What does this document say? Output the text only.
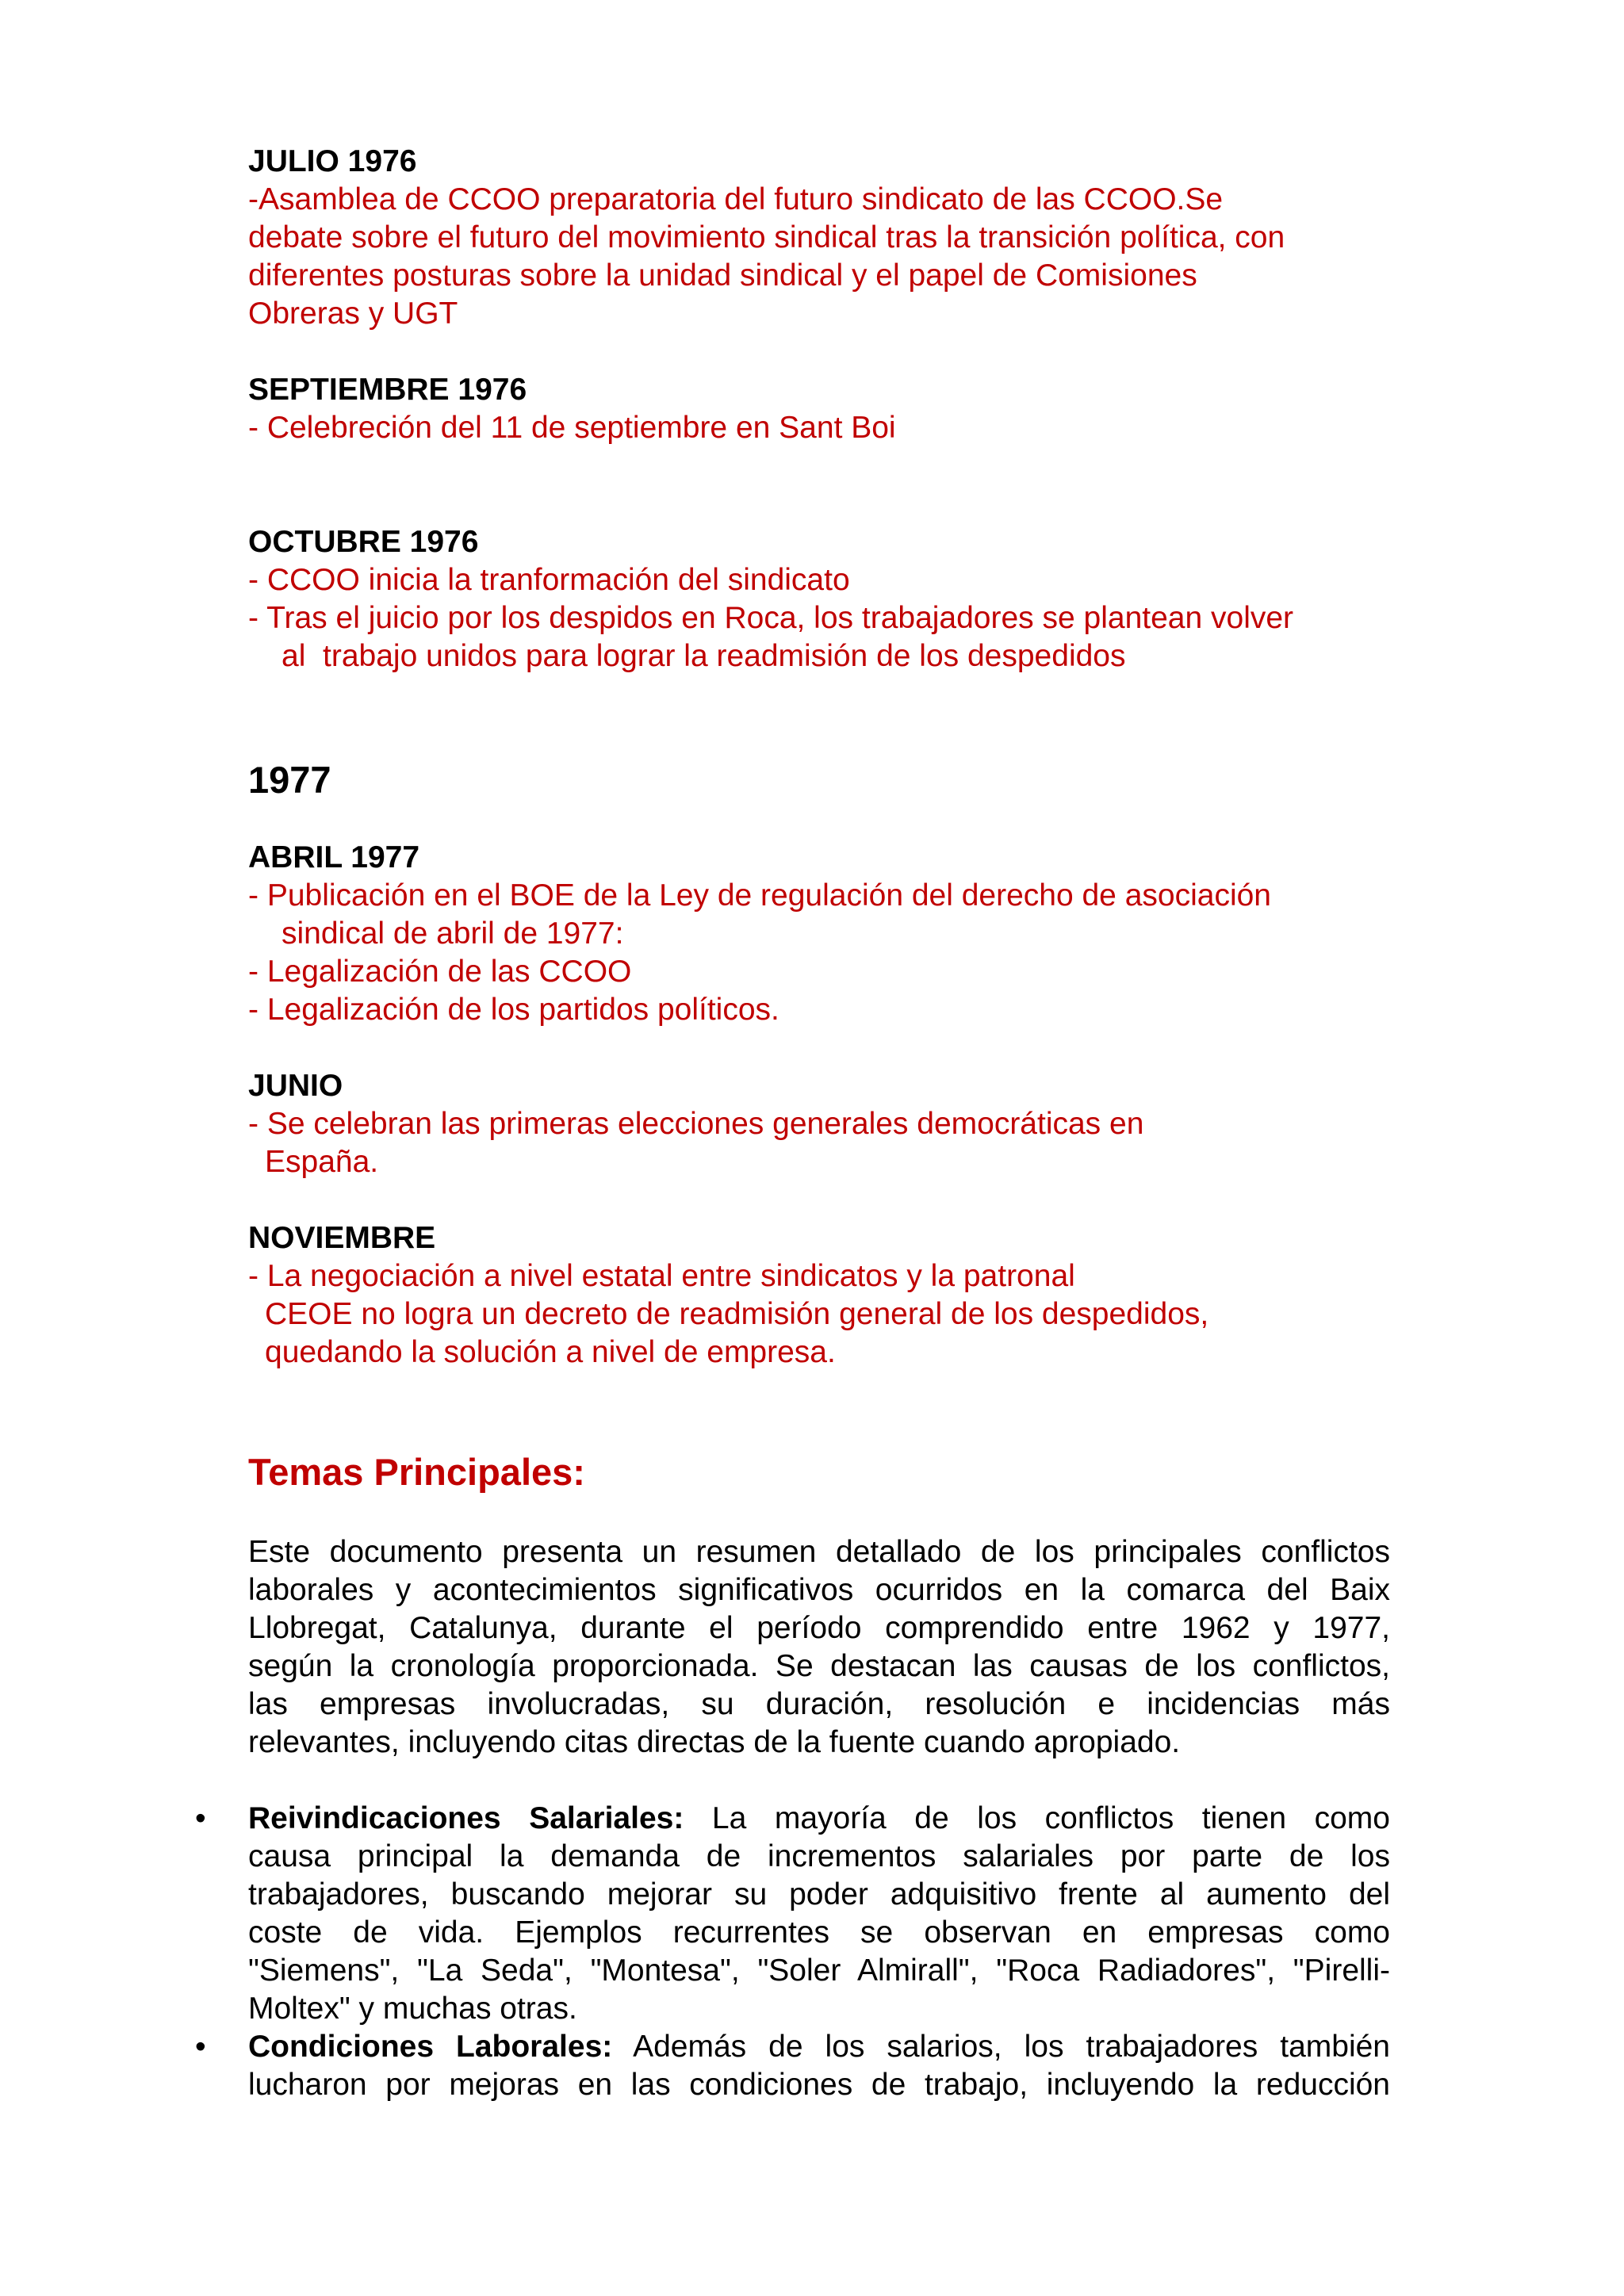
JULIO 1976

-Asamblea de CCOO preparatoria del futuro sindicato de las CCOO.Se

debate sobre el futuro del movimiento sindical tras la transición política, con

diferentes posturas sobre la unidad sindical y el papel de Comisiones

Obreras y UGT

SEPTIEMBRE 1976

- Celebreción del 11 de septiembre en Sant Boi

OCTUBRE 1976

- CCOO inicia la tranformación del sindicato

- Tras el juicio por los despidos en Roca, los trabajadores se plantean volver

al  trabajo unidos para lograr la readmisión de los despedidos

1977

ABRIL 1977

- Publicación en el BOE de la Ley de regulación del derecho de asociación

sindical de abril de 1977:

- Legalización de las CCOO

- Legalización de los partidos políticos.

JUNIO

- Se celebran las primeras elecciones generales democráticas en

España.

NOVIEMBRE

- La negociación a nivel estatal entre sindicatos y la patronal

CEOE no logra un decreto de readmisión general de los despedidos,

quedando la solución a nivel de empresa.

Temas Principales:

Este documento presenta un resumen detallado de los principales conflictos

laborales y acontecimientos significativos ocurridos en la comarca del Baix

Llobregat, Catalunya, durante el período comprendido entre 1962 y 1977,

según la cronología proporcionada. Se destacan las causas de los conflictos,

las empresas involucradas, su duración, resolución e incidencias más

relevantes, incluyendo citas directas de la fuente cuando apropiado.

• Reivindicaciones Salariales: La mayoría de los conflictos tienen como

causa principal la demanda de incrementos salariales por parte de los

trabajadores, buscando mejorar su poder adquisitivo frente al aumento del

coste de vida. Ejemplos recurrentes se observan en empresas como

"Siemens", "La Seda", "Montesa", "Soler Almirall", "Roca Radiadores", "Pirelli-

Moltex" y muchas otras.

• Condiciones Laborales: Además de los salarios, los trabajadores también

lucharon por mejoras en las condiciones de trabajo, incluyendo la reducción
